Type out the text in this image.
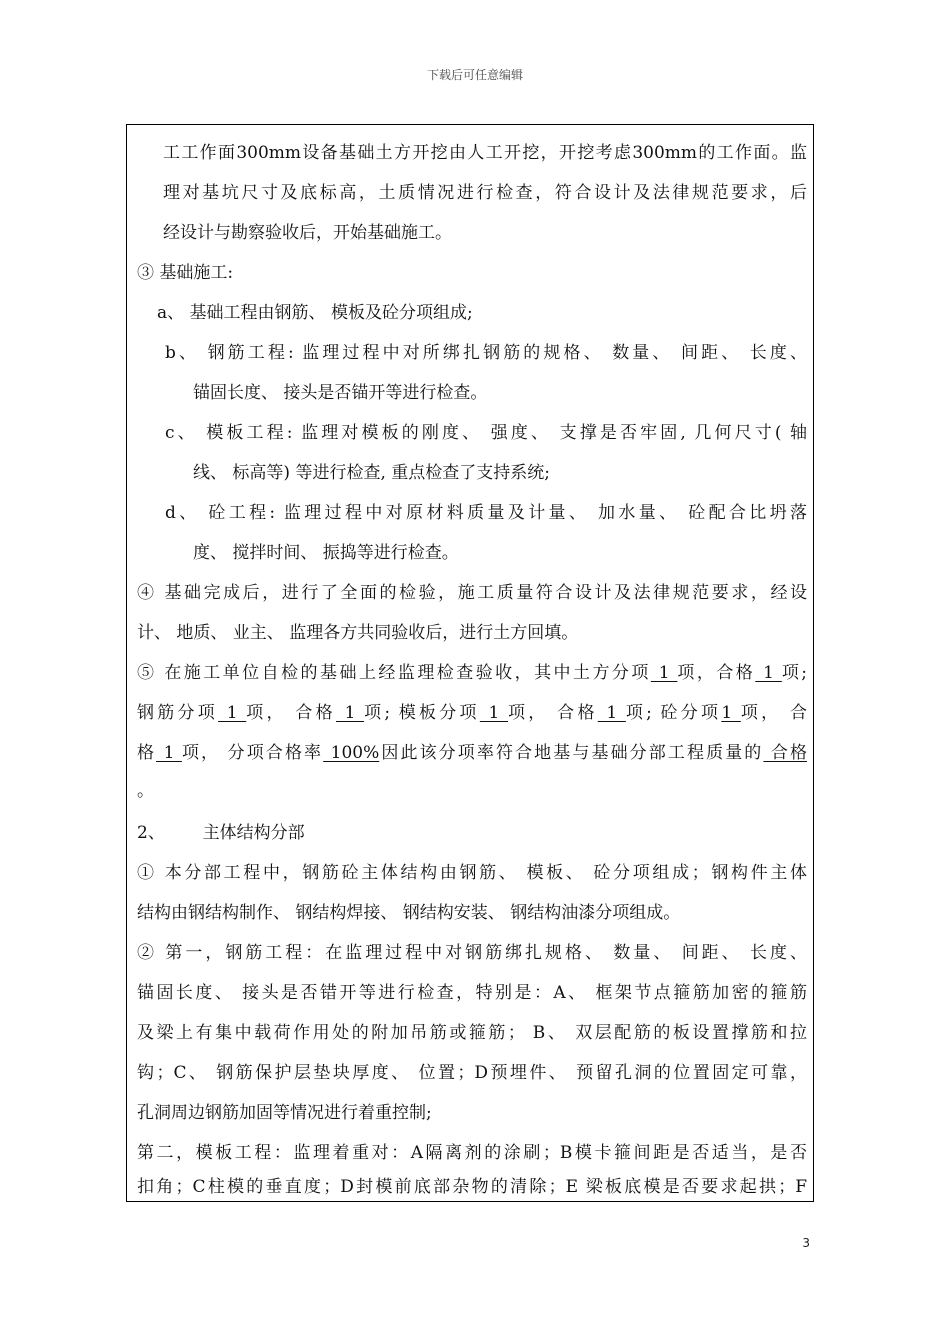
下载后可任意编辑
工工作面300mm设备基础土方开挖由人工开挖，开挖考虑300mm的工作面。监
理对基坑尺寸及底标高，土质情况进行检查，符合设计及法律规范要求，后
经设计与勘察验收后，开始基础施工。
③ 基础施工:
a、 基础工程由钢筋、 模板及砼分项组成;
b、 钢筋工程: 监理过程中对所绑扎钢筋的规格、 数量、 间距、 长度、
锚固长度、 接头是否锚开等进行检查。
c、 模板工程: 监理对模板的刚度、 强度、 支撑是否牢固, 几何尺寸( 轴
线、 标高等) 等进行检查, 重点检查了支持系统;
d、 砼工程: 监理过程中对原材料质量及计量、 加水量、 砼配合比坍落
度、 搅拌时间、 振捣等进行检查。
④ 基础完成后，进行了全面的检验，施工质量符合设计及法律规范要求，经设
计、 地质、 业主、 监理各方共同验收后，进行土方回填。
⑤ 在施工单位自检的基础上经监理检查验收，其中土方分项 1 项，合格 1 项;
钢筋分项 1 项， 合格 1 项; 模板分项 1 项， 合格 1 项; 砼分项1 项， 合
格 1 项， 分项合格率 100%因此该分项率符合地基与基础分部工程质量的 合格
。
2、       主体结构分部
① 本分部工程中，钢筋砼主体结构由钢筋、 模板、 砼分项组成；钢构件主体
结构由钢结构制作、 钢结构焊接、 钢结构安装、 钢结构油漆分项组成。
② 第一，钢筋工程：在监理过程中对钢筋绑扎规格、 数量、 间距、 长度、
锚固长度、 接头是否错开等进行检查，特别是：A、 框架节点箍筋加密的箍筋
及梁上有集中载荷作用处的附加吊筋或箍筋； B、 双层配筋的板设置撑筋和拉
钩；C、 钢筋保护层垫块厚度、 位置；D预埋件、 预留孔洞的位置固定可靠，
孔洞周边钢筋加固等情况进行着重控制;
第二，模板工程：监理着重对：A隔离剂的涂刷；B模卡箍间距是否适当，是否
扣角；C柱模的垂直度；D封模前底部杂物的清除；E 梁板底模是否要求起拱；F
3
